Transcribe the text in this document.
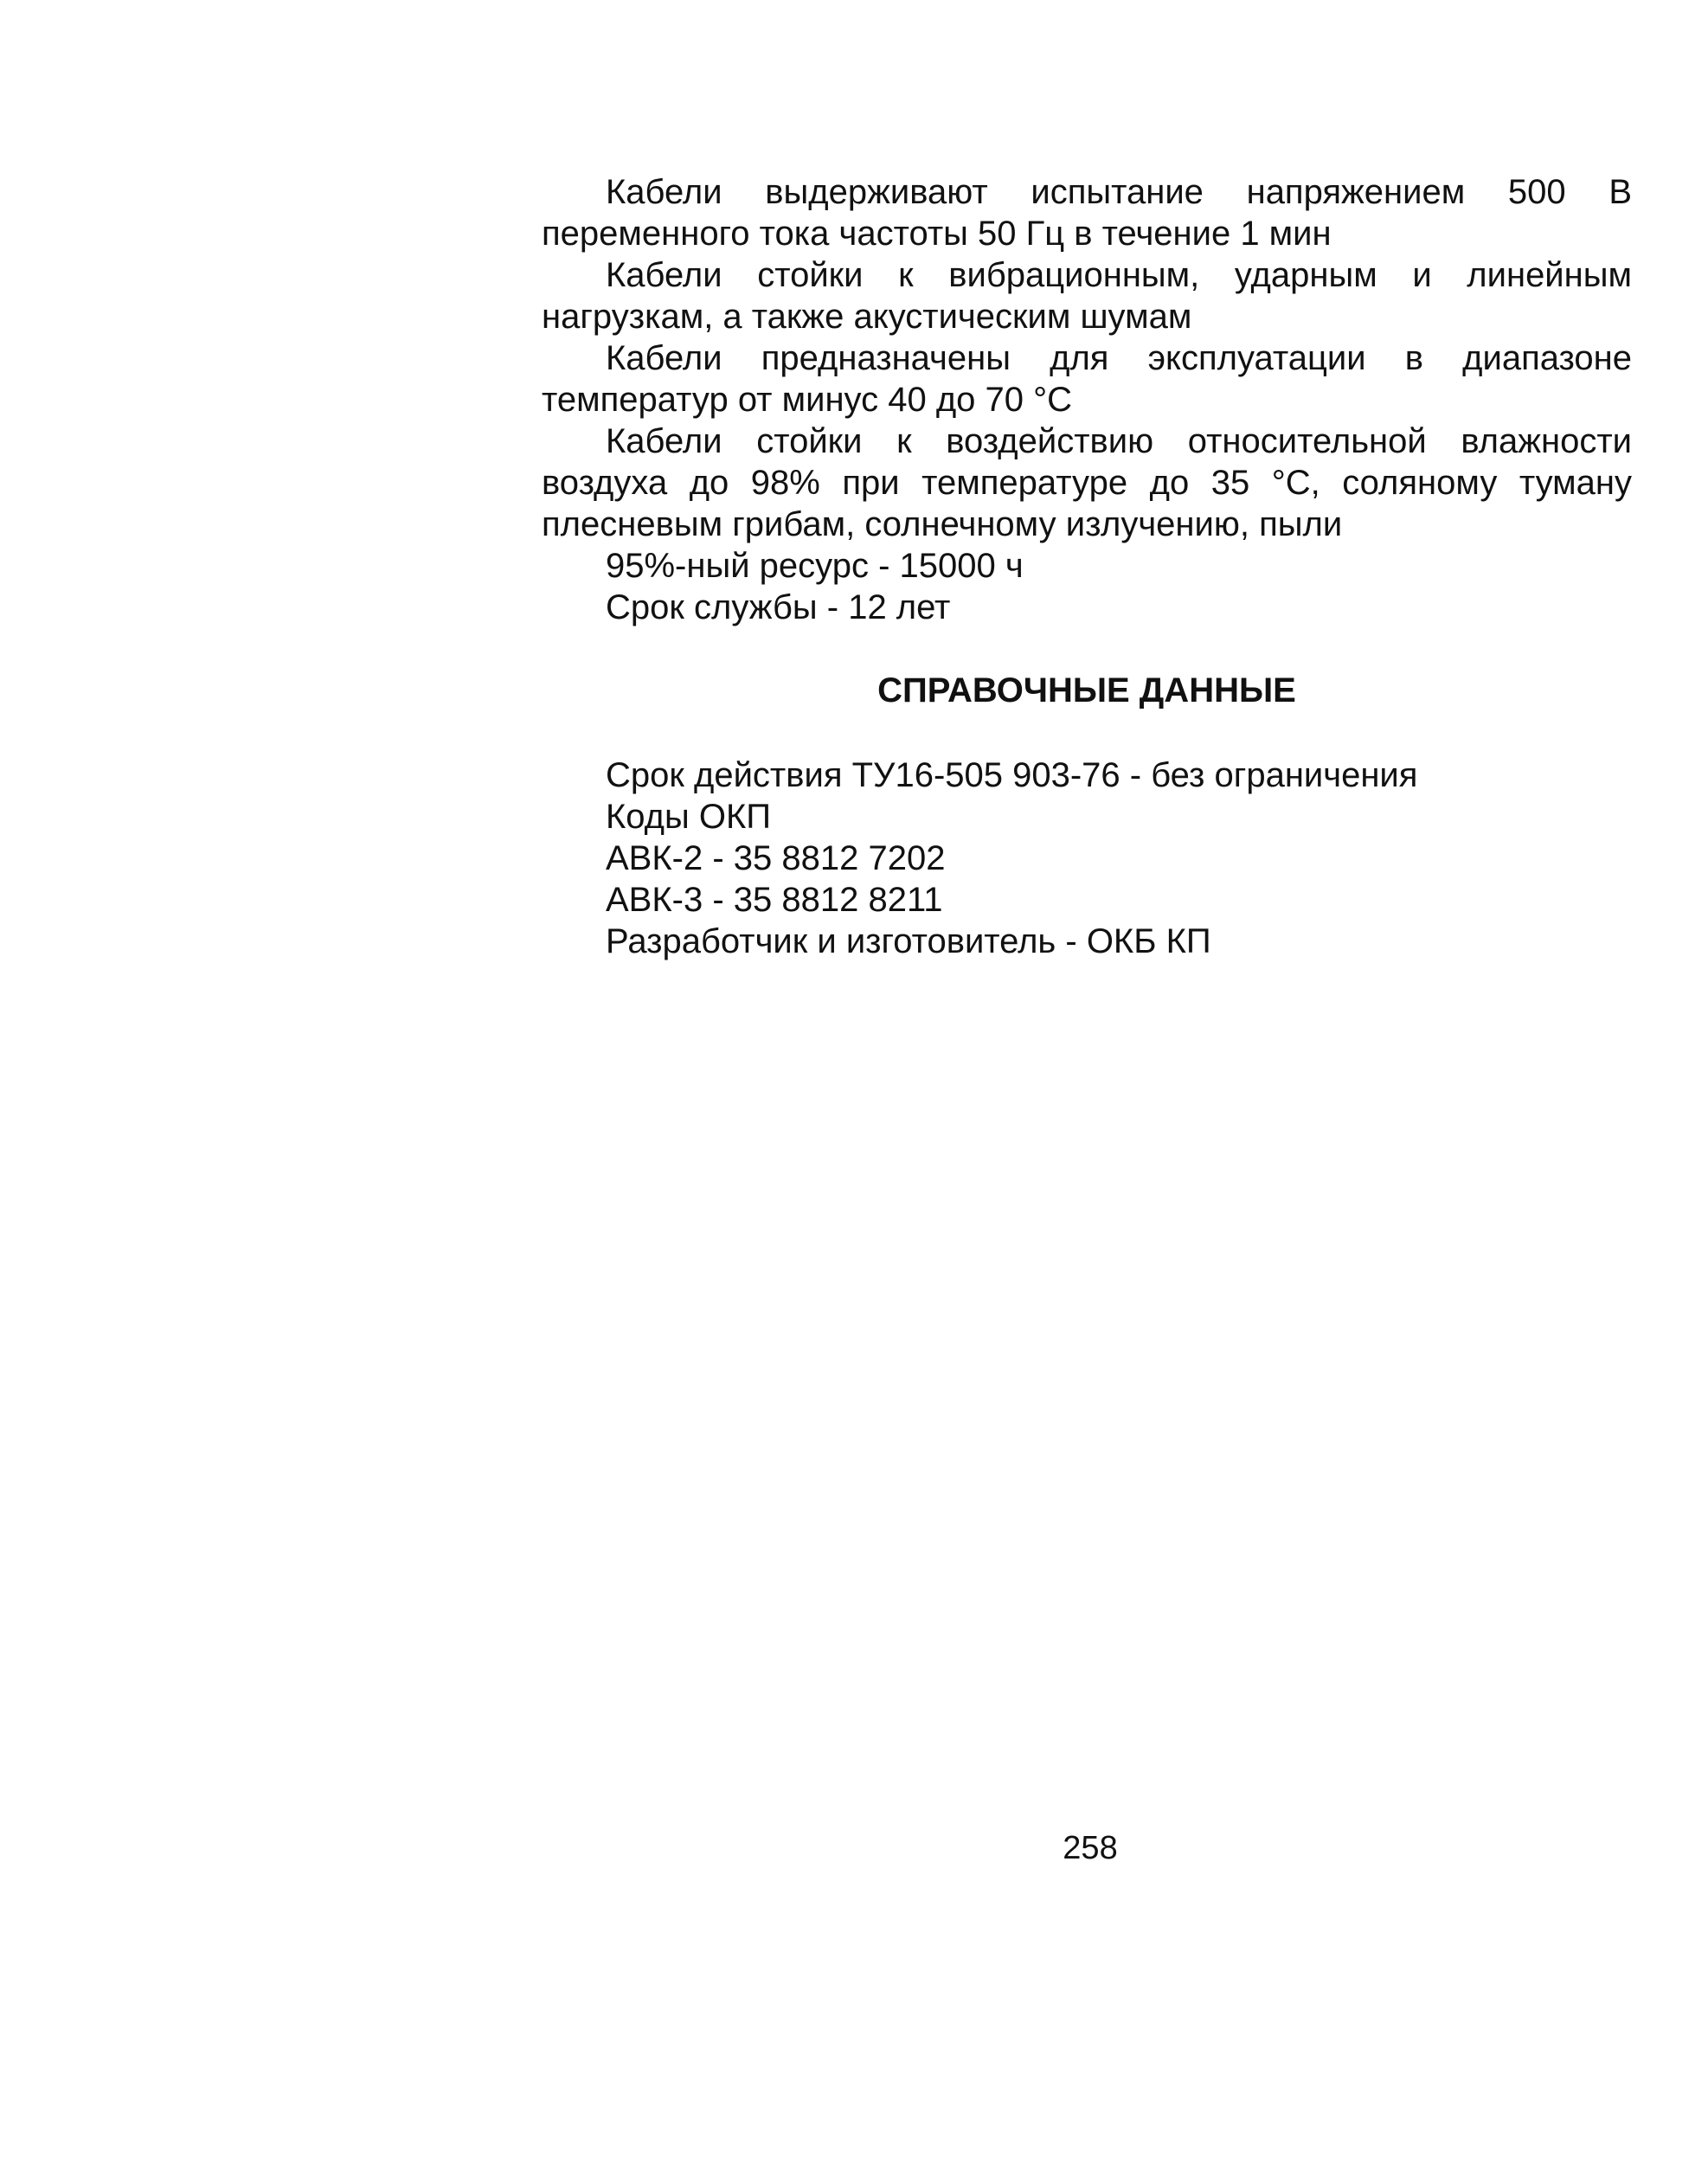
Кабели выдерживают испытание напряжением 500 В переменного тока частоты 50 Гц в течение 1 мин

Кабели стойки к вибрационным, ударным и линейным нагрузкам, а также акустическим шумам

Кабели предназначены для эксплуатации в диапазоне температур от минус 40 до 70 °С

Кабели стойки к воздействию относительной влажности воздуха до 98% при температуре до 35 °С, соляному туману плесневым грибам, солнечному излучению, пыли

95%-ный ресурс - 15000 ч

Срок службы - 12 лет

СПРАВОЧНЫЕ ДАННЫЕ

Срок действия ТУ16-505 903-76 - без ограничения

Коды ОКП

АВК-2 - 35 8812 7202

АВК-3 - 35 8812 8211

Разработчик и изготовитель - ОКБ КП

258
